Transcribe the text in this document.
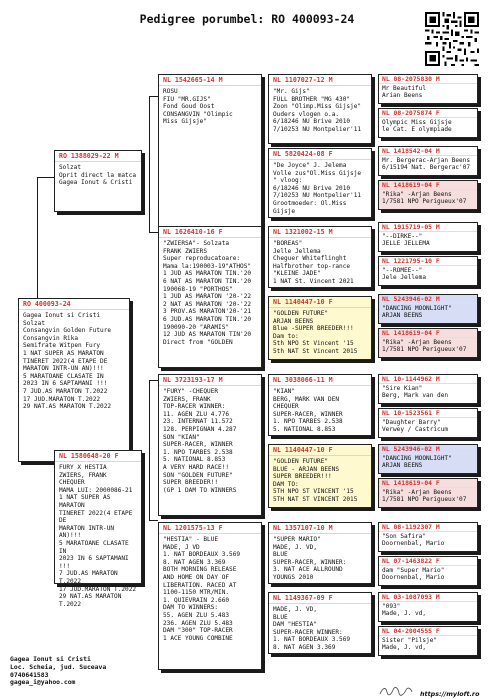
Pedigree porumbel: RO 400093-24
RO 400093-24
Gagea Ionut si Cristi
Solzat
Consangvin Golden Future
Consangvin Rika
Semifrate Witpen Fury
1 NAT SUPER AS MARATON
TINERET 2022(4 ETAPE DE
MARATON INTR-UN AN)!!!
5 MARATOANE CLASATE IN
2023 IN 6 SAPTAMANI !!!
7 JUD.AS MARATON T.2022
17 JUD.MARATON T.2022
29 NAT.AS MARATON T.2022
RO 1388029-22 M
Solzat
Oprit direct la matca
Gagea Ionut & Cristi
NL 1580648-20 F
FURY X HESTIA
ZWIERS, FRANK
CHEQUER
MAMA LUI: 2000086-21
1 NAT SUPER AS MARATON
TINERET 2022(4 ETAPE DE
MARATON INTR-UN AN)!!!
5 MARATOANE CLASATE IN
2023 IN 6 SAPTAMANI !!!
7 JUD.AS MARATON T.2022
17 JUD.MARATON T.2022
29 NAT.AS MARATON T.2022
NL 1542665-14 M
ROSU
FIU "MR.GIJS"
Fond Goud Oost
CONSANGVIN "Olimpic
Miss Gijsje"
NL 1626410-16 F
"ZWIERSA"- Solzata
FRANK ZWIERS
Super reproducatoare:
Mama la:190003-19"ATHOS"
1 JUD AS MARATON TIN.'20
6 NAT AS MARATON TIN.'20
190068-19 "PORTHOS"
1 JUD AS MARATON '20-'22
2 NAT AS MARATON '20-'22
3 PROV.AS MARATON'20-'21
6 JUD.AS MARATON TIN.'20
190090-20 "ARAMIS"
12 JUD AS MARATON TIN'20
Direct from "GOLDEN
NL 3723193-17 M
"FURY" -CHEQUER
ZWIERS, FRANK
TOP-RACER WINNER:
11. AGEN ZLU 4.776
23. INTERNAT 11.572
128. PERPIGNAN 4.287
SON "KIAN"
SUPER-RACER, WINNER
1. NPO TARBES 2.538
5. NATIONAL 8.853
A VERY HARD RACE!!
SON "GOLDEN FUTURE"
SUPER BREEDER!!
(GP 1 DAM TO WINNERS
NL 1201575-13 F
"HESTIA" - BLUE
MADE, J VD
1. NAT BORDEAUX 3.569
8. NAT AGEN 3.369
BOTH MORNING RELEASE
AND HOME ON DAY OF
LIBERATION. RACED AT
1100-1150 MTR/MIN.
1. QUIEVRAIN 2.660
DAM TO WINNERS:
55. AGEN ZLU 5.483
236. AGEN ZLU 5.483
DAM "300" TOP-RACER
1 ACE YOUNG COMBINE
NL 1107027-12 M
"Mr. Gijs"
FULL BROTHER "MG 430"
Zoon "Olimp.Miss Gijsje"
Ouders vlogen o.a.
6/18246 NU Brive 2010
7/10253 NU Montpelier'11
NL 5820424-08 F
"De Joyce" J. Jelema
Volle zus"Ol.Miss Gijsje
" vloog:
6/18246 NU Brive 2010
7/10253 NU Montpelier'11
Grootmoeder: Ol.Miss Gijsje
NL 1321002-15 M
"BOREAS"
Jelle Jellema
Cheguer Whiteflinght
Halfbrother top-rance
"KLEINE JADE"
1 NAT St. Vincent 2021
NL 1140447-10 F
"GOLDEN FUTURE"
ARJAN BEENS
Blue -SUPER BREEDER!!!
Dam to:
5th NPO St Vincent '15
5th NAT St Vincent 2015
NL 3038066-11 M
"KIAN"
BERG, MARK VAN DEN
CHEQUER
SUPER-RACER, WINNER
1. NPO TARBES 2.538
5. NATIONAL 8.853
NL 1140447-10 F
"GOLDEN FUTURE"
BLUE - ARJAN BEENS
SUPER BREEDER!!!
DAM TO:
5TH NPO ST VINCENT '15
5TH NAT ST VINCENT 2015
NL 1357107-10 M
"SUPER MARIO"
MADE, J. VD,
BLUE
SUPER-RACER, WINNER:
3. NAT ACE ALLROUND
YOUNGS 2010
NL 1149367-09 F
MADE, J. VD,
BLUE
DAM "HESTIA"
SUPER-RACER WINNER:
1. NAT BORDEAUX 3.569
8. NAT AGEN 3.369
NL 08-2075830 M
Mr Beautiful
Arian Beens
NL 08-2075874 F
Olympic Miss Gijsje
le Cat. E olympiade
NL 1418542-04 M
Mr. Bergerac-Arjan Beens
6/15194 Nat. Bergerac'07
NL 1418619-04 F
"Rika" -Arjan Beens
1/7581 NPO Perigueux'07
NL 1915719-05 M
"--DIRKE--"
JELLE JELLEMA
NL 1221795-10 F
"--ROMEE--"
Jele Jellema
NL 5243946-02 M
"DANCING MOONLIGHT"
ARJAN BEENS
NL 1418619-04 F
"Rika" -Arjan Beens
1/7581 NPO Perigueux'07
NL 10-1144962 M
"Sire Kian"
Berg, Mark van den
NL 10-1523561 F
"Daughter Barry"
Verwey / Castricum
NL 5243946-02 M
"DANCING MOONLIGHT"
ARJAN BEENS
NL 1418619-04 F
"Rika" -Arjan Beens
1/7581 NPO Perigueux'07
NL 08-1192307 M
"Son Safira"
Doornenbal, Mario
NL 07-1463822 F
dam "Super Mario"
Doornenbal, Mario
NL 03-1087093 M
"093"
Made, J. vd,
NL 04-2004555 F
Sister "Pilsje"
Made, J. vd,
Gagea Ionut si Cristi
Loc. Scheia, jud. Suceava
0740641583
gagea_i@yahoo.com
https://myloft.ro
